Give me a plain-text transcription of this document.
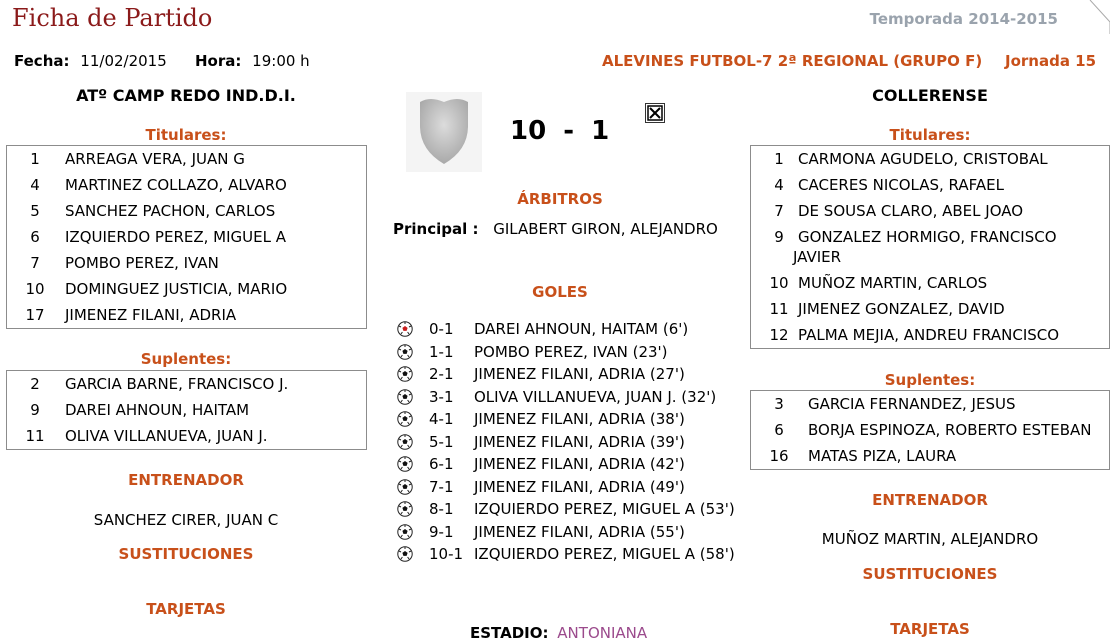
Ficha de Partido	Temporada 2014-2015
Fecha: 11/02/2015 Hora: 19:00 h	ALEVINES FUTBOL-7 2ª REGIONAL (GRUPO F) Jornada 15
ATº CAMP REDO IND.D.I.
Titulares:
1	ARREAGA VERA, JUAN G
4	MARTINEZ COLLAZO, ALVARO
5	SANCHEZ PACHON, CARLOS
6	IZQUIERDO PEREZ, MIGUEL A
7	POMBO PEREZ, IVAN
10	DOMINGUEZ JUSTICIA, MARIO
17	JIMENEZ FILANI, ADRIA
Suplentes:
2	GARCIA BARNE, FRANCISCO J.
9	DAREI AHNOUN, HAITAM
11	OLIVA VILLANUEVA, JUAN J.
ENTRENADOR
SANCHEZ CIRER, JUAN C
SUSTITUCIONES
TARJETAS
10 - 1
ÁRBITROS
Principal : GILABERT GIRON, ALEJANDRO
GOLES
0-1 DAREI AHNOUN, HAITAM (6')
1-1 POMBO PEREZ, IVAN (23')
2-1 JIMENEZ FILANI, ADRIA (27')
3-1 OLIVA VILLANUEVA, JUAN J. (32')
4-1 JIMENEZ FILANI, ADRIA (38')
5-1 JIMENEZ FILANI, ADRIA (39')
6-1 JIMENEZ FILANI, ADRIA (42')
7-1 JIMENEZ FILANI, ADRIA (49')
8-1 IZQUIERDO PEREZ, MIGUEL A (53')
9-1 JIMENEZ FILANI, ADRIA (55')
10-1 IZQUIERDO PEREZ, MIGUEL A (58')
ESTADIO: ANTONIANA
COLLERENSE
Titulares:
1 CARMONA AGUDELO, CRISTOBAL
4 CACERES NICOLAS, RAFAEL
7 DE SOUSA CLARO, ABEL JOAO
9 GONZALEZ HORMIGO, FRANCISCO
JAVIER
10 MUÑOZ MARTIN, CARLOS
11 JIMENEZ GONZALEZ, DAVID
12 PALMA MEJIA, ANDREU FRANCISCO
Suplentes:
3	GARCIA FERNANDEZ, JESUS
6	BORJA ESPINOZA, ROBERTO ESTEBAN
16	MATAS PIZA, LAURA
ENTRENADOR
MUÑOZ MARTIN, ALEJANDRO
SUSTITUCIONES
TARJETAS
